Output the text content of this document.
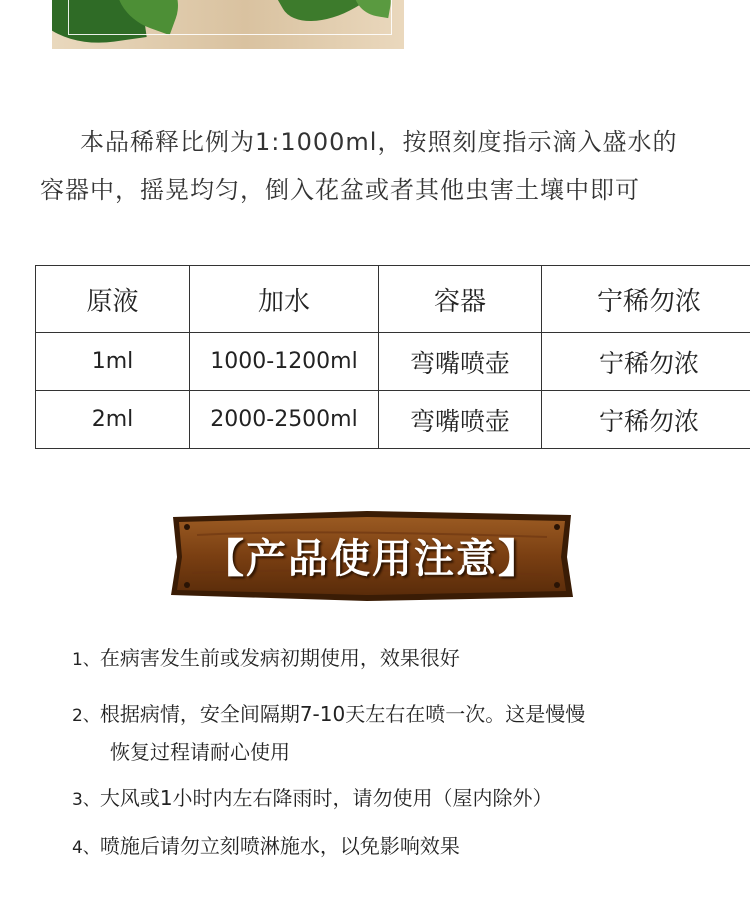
本品稀释比例为1:1000ml，按照刻度指示滴入盛水的

容器中，摇晃均匀，倒入花盆或者其他虫害土壤中即可

原液	加水	容器	宁稀勿浓
1ml	1000-1200ml	弯嘴喷壶	宁稀勿浓
2ml	2000-2500ml	弯嘴喷壶	宁稀勿浓
【产品使用注意】
1、在病害发生前或发病初期使用，效果很好
2、根据病情，安全间隔期7-10天左右在喷一次。这是慢慢
恢复过程请耐心使用
3、大风或1小时内左右降雨时，请勿使用（屋内除外）
4、喷施后请勿立刻喷淋施水，以免影响效果
